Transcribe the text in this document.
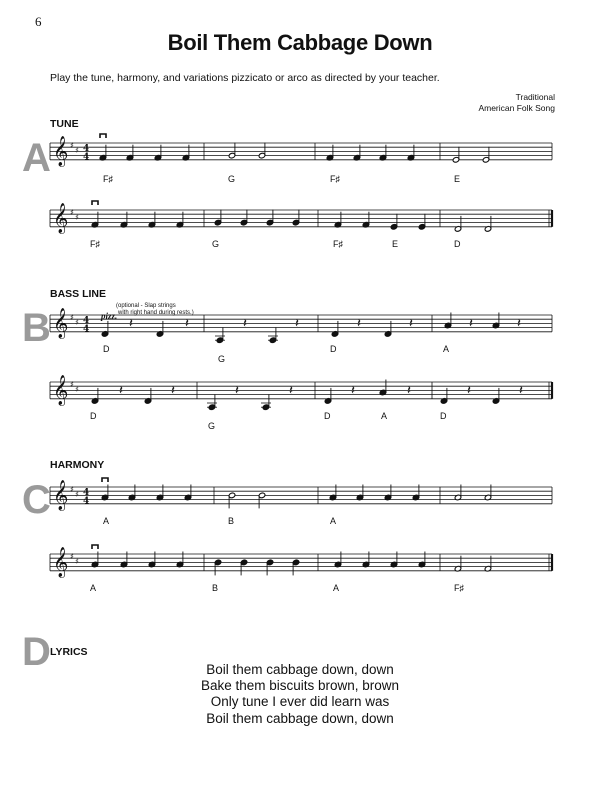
6
Boil Them Cabbage Down
Play the tune, harmony, and variations pizzicato or arco as directed by your teacher.
Traditional
American Folk Song
TUNE
A
BASS LINE
B	(optional - Slap strings
with right hand during rests.)
pizz.
HARMONY
C
LYRICS
D
F♯	G	F♯	E
F♯	G	F♯	E	D
D
G
D	A
D
G
D	A	D
A	B	A
A	B	A	F♯
Boil them cabbage down, down
Bake them biscuits brown, brown
Only tune I ever did learn was
Boil them cabbage down, down
𝄞 ♯
♯ 4
4
𝄞 ♯
♯
𝄞 ♯
♯ 4
4
𝄞 ♯
♯
𝄞 ♯
♯ 4
4
𝄞 ♯
♯
𝄽	𝄽	𝄽	𝄽	𝄽	𝄽	𝄽	𝄽
𝄽	𝄽	𝄽	𝄽	𝄽	𝄽	𝄽	𝄽
